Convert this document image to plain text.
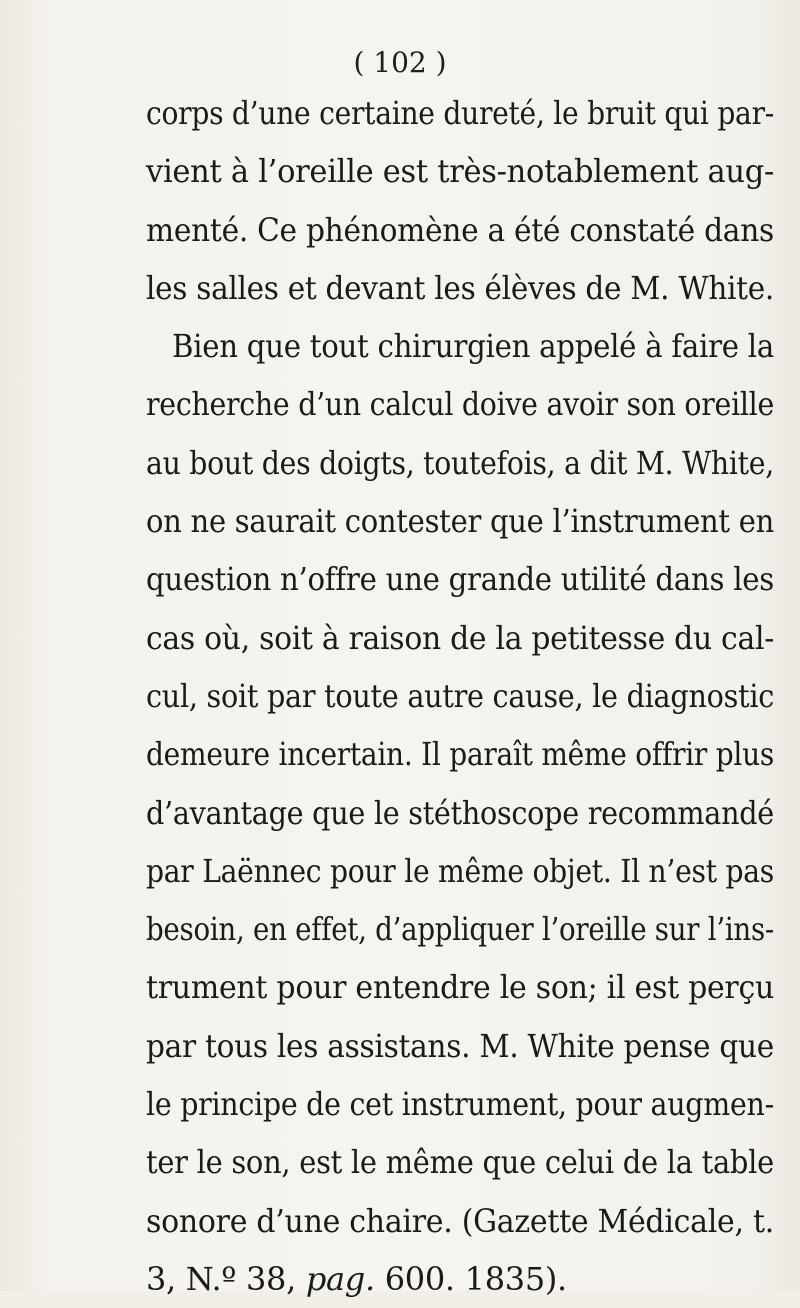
( 102 )

corps d’une certaine dureté, le bruit qui par-
vient à l’oreille est très-notablement aug-
menté. Ce phénomène a été constaté dans
les salles et devant les élèves de M. White.
Bien que tout chirurgien appelé à faire la
recherche d’un calcul doive avoir son oreille
au bout des doigts, toutefois, a dit M. White,
on ne saurait contester que l’instrument en
question n’offre une grande utilité dans les
cas où, soit à raison de la petitesse du cal-
cul, soit par toute autre cause, le diagnostic
demeure incertain. Il paraît même offrir plus
d’avantage que le stéthoscope recommandé
par Laënnec pour le même objet. Il n’est pas
besoin, en effet, d’appliquer l’oreille sur l’ins-
trument pour entendre le son; il est perçu
par tous les assistans. M. White pense que
le principe de cet instrument, pour augmen-
ter le son, est le même que celui de la table
sonore d’une chaire. (Gazette Médicale, t.
3, N.º 38, pag. 600. 1835).
